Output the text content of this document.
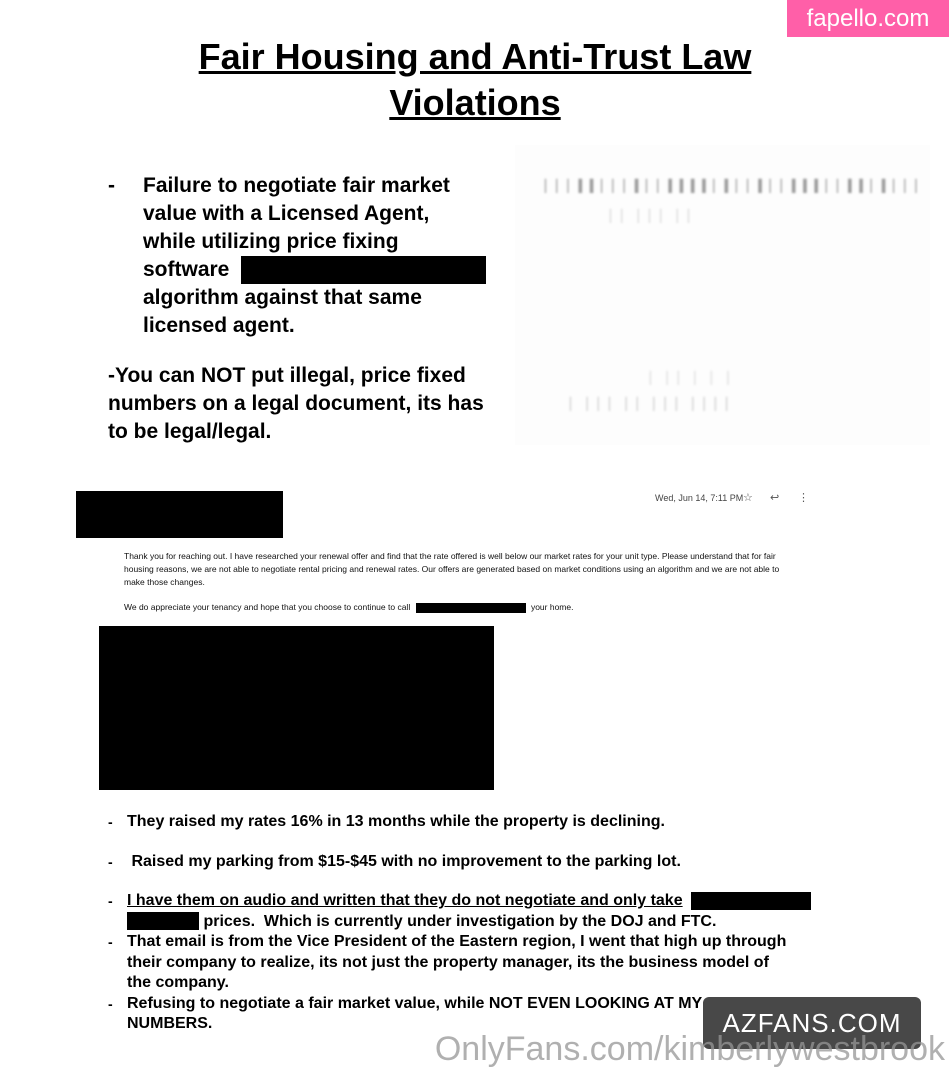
fapello.com
Fair Housing and Anti-Trust Law
Violations
- Failure to negotiate fair market
value with a Licensed Agent,
while utilizing price fixing
software
algorithm against that same
licensed agent.
-You can NOT put illegal, price fixed
numbers on a legal document, its has
to be legal/legal.
▏▏▏▍▍▏▏▏▍▏▏▍▍▍▍▏▍▏▏▍▏▏▍▍▍▏▏▍▍▏▍▏▏▏
▏▏ ▏▏▏ ▏▏
▏ ▏▏ ▏ ▏ ▏
▏ ▏▏▏ ▏▏ ▏▏▏ ▏▏▏▏
Wed, Jun 14, 7:11 PM ☆ ↩ ⋮
Thank you for reaching out. I have researched your renewal offer and find that the rate offered is well below our market rates for your unit type. Please understand that for fair
housing reasons, we are not able to negotiate rental pricing and renewal rates. Our offers are generated based on market conditions using an algorithm and we are not able to
make those changes.
We do appreciate your tenancy and hope that you choose to continue to call	your home.
- They raised my rates 16% in 13 months while the property is declining.
- Raised my parking from $15-$45 with no improvement to the parking lot.
- I have them on audio and written that they do not negotiate and only take
prices.  Which is currently under investigation by the DOJ and FTC.
- That email is from the Vice President of the Eastern region, I went that high up through
their company to realize, its not just the property manager, its the business model of
the company.
- Refusing to negotiate a fair market value, while NOT EVEN LOOKING AT MY
NUMBERS.	AZFANS.COM
OnlyFans.com/kimberlywestbrook
